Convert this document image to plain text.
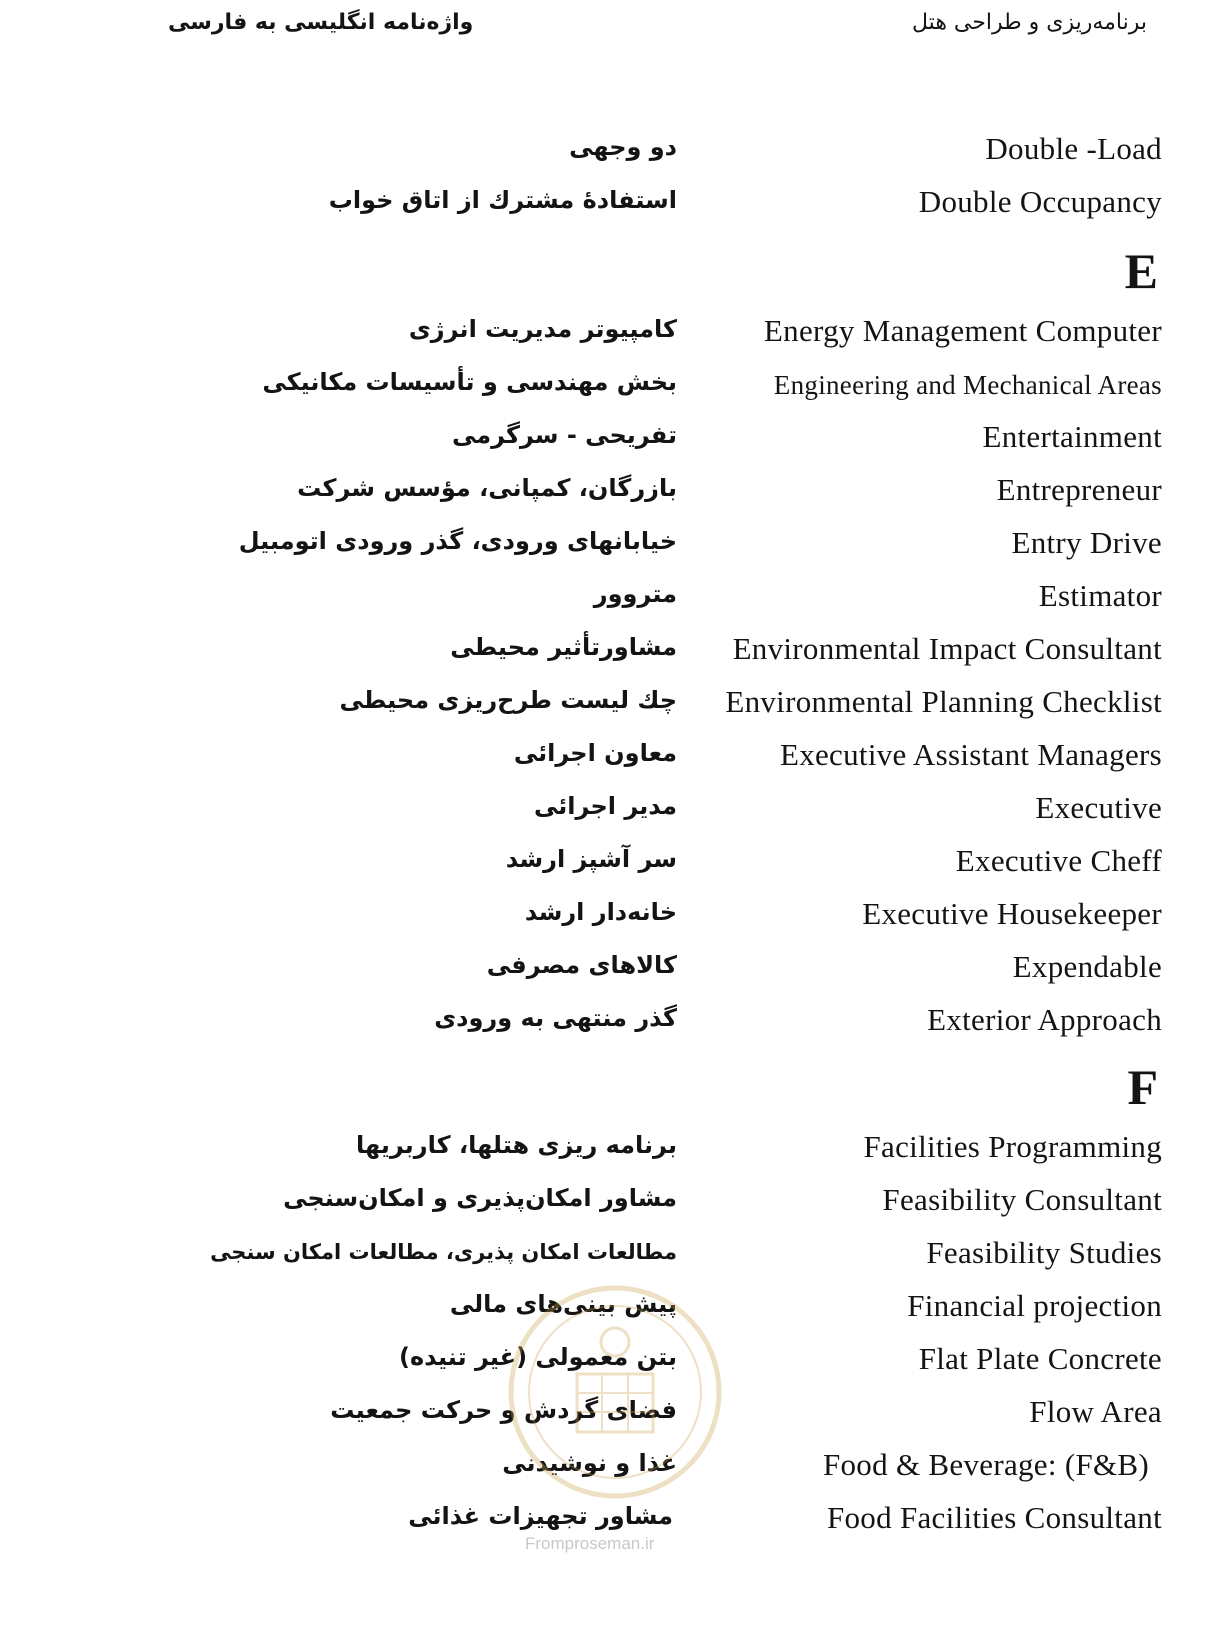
واژه‌نامه انگلیسی به فارسی	برنامه‌ریزی و طراحی هتل
Double -Load
دو وجهی
Double Occupancy
استفادهٔ مشترك از اتاق خواب
E
Energy Management Computer
کامپیوتر مدیریت انرژی
Engineering and Mechanical Areas
بخش مهندسی و تأسیسات مکانیکی
Entertainment
تفریحی - سرگرمی
Entrepreneur
بازرگان، کمپانی، مؤسس شرکت
Entry Drive
خیابانهای ورودی، گذر ورودی اتومبیل
Estimator
متروور
Environmental Impact Consultant
مشاورتأثیر محیطی
Environmental Planning Checklist
چك لیست طرح‌ریزی محیطی
Executive Assistant Managers
معاون اجرائی
Executive
مدیر اجرائی
Executive Cheff
سر آشپز ارشد
Executive Housekeeper
خانه‌دار ارشد
Expendable
کالاهای مصرفی
Exterior Approach
گذر منتهی به ورودی
F
Facilities Programming
برنامه ریزی هتلها، کاربریها
Feasibility Consultant
مشاور امکان‌پذیری و امکان‌سنجی
Feasibility Studies
مطالعات امکان پذیری، مطالعات امکان سنجی
Financial projection
پیش بینی‌های مالی
Flat Plate Concrete
بتن معمولی (غیر تنیده)
Flow Area
فضای گردش و حرکت جمعیت
Food & Beverage: (F&B)
غذا و نوشیدنی
Food Facilities Consultant
مشاور تجهیزات غذائی
Fromproseman.ir
